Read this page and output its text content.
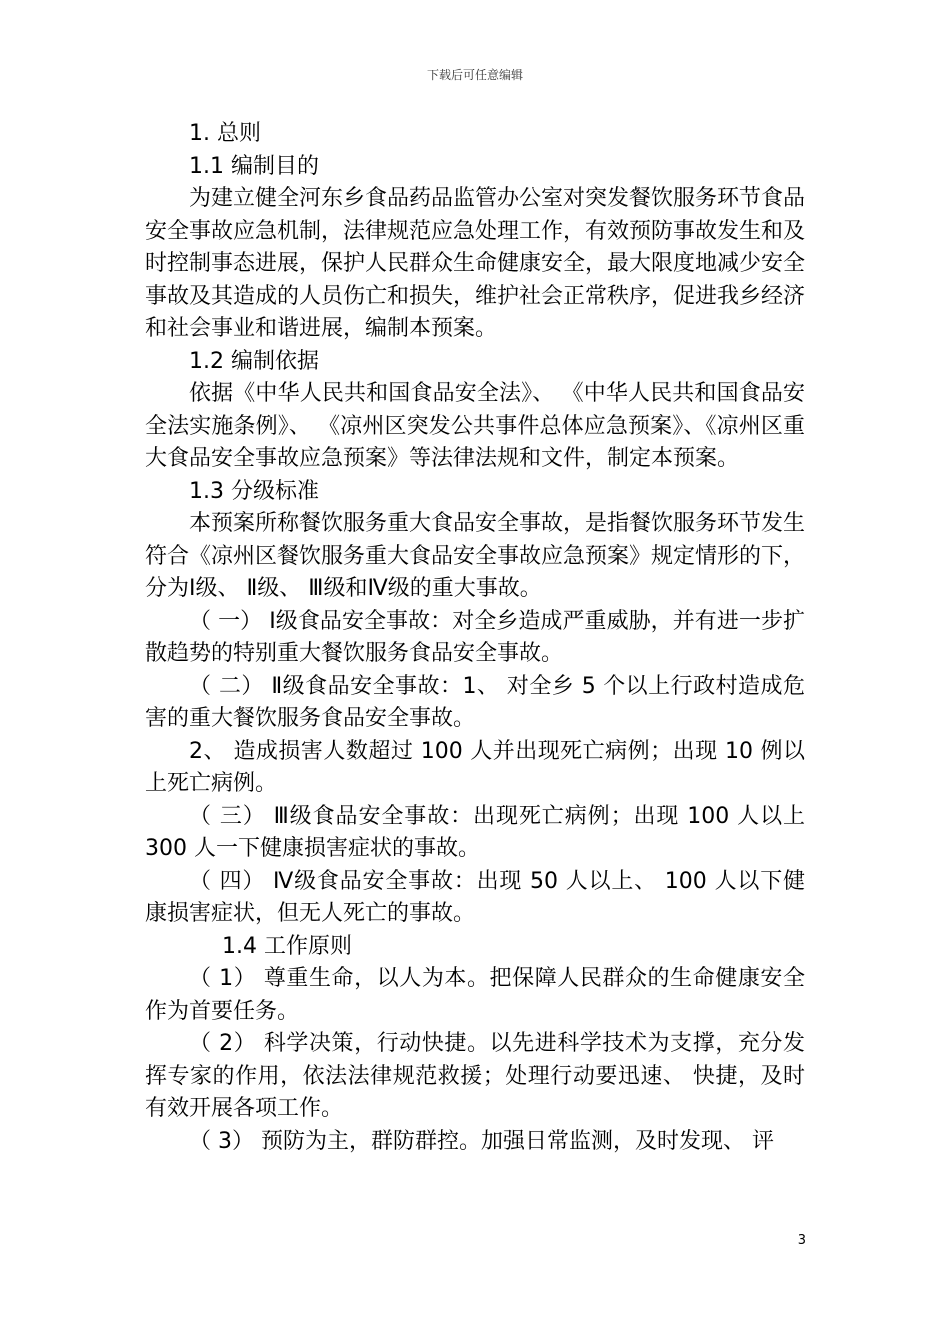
下载后可任意编辑

1. 总则

1.1 编制目的

为建立健全河东乡食品药品监管办公室对突发餐饮服务环节食品安全事故应急机制，法律规范应急处理工作，有效预防事故发生和及时控制事态进展，保护人民群众生命健康安全，最大限度地减少安全事故及其造成的人员伤亡和损失，维护社会正常秩序，促进我乡经济和社会事业和谐进展，编制本预案。

1.2 编制依据

依据《中华人民共和国食品安全法》、 《中华人民共和国食品安全法实施条例》、 《凉州区突发公共事件总体应急预案》、《凉州区重大食品安全事故应急预案》等法律法规和文件，制定本预案。

1.3 分级标准

本预案所称餐饮服务重大食品安全事故，是指餐饮服务环节发生符合《凉州区餐饮服务重大食品安全事故应急预案》规定情形的下，分为Ⅰ级、 Ⅱ级、 Ⅲ级和Ⅳ级的重大事故。

（ 一） Ⅰ级食品安全事故：对全乡造成严重威胁，并有进一步扩散趋势的特别重大餐饮服务食品安全事故。

（ 二） Ⅱ级食品安全事故：1、 对全乡 5 个以上行政村造成危害的重大餐饮服务食品安全事故。

2、 造成损害人数超过 100 人并出现死亡病例；出现 10 例以上死亡病例。

（ 三） Ⅲ级食品安全事故：出现死亡病例；出现 100 人以上 300 人一下健康损害症状的事故。

（ 四） Ⅳ级食品安全事故：出现 50 人以上、 100 人以下健康损害症状，但无人死亡的事故。

1.4 工作原则

（ 1） 尊重生命，以人为本。把保障人民群众的生命健康安全作为首要任务。

（ 2） 科学决策，行动快捷。以先进科学技术为支撑，充分发挥专家的作用，依法法律规范救援；处理行动要迅速、 快捷，及时有效开展各项工作。

（ 3） 预防为主，群防群控。加强日常监测，及时发现、 评

3
